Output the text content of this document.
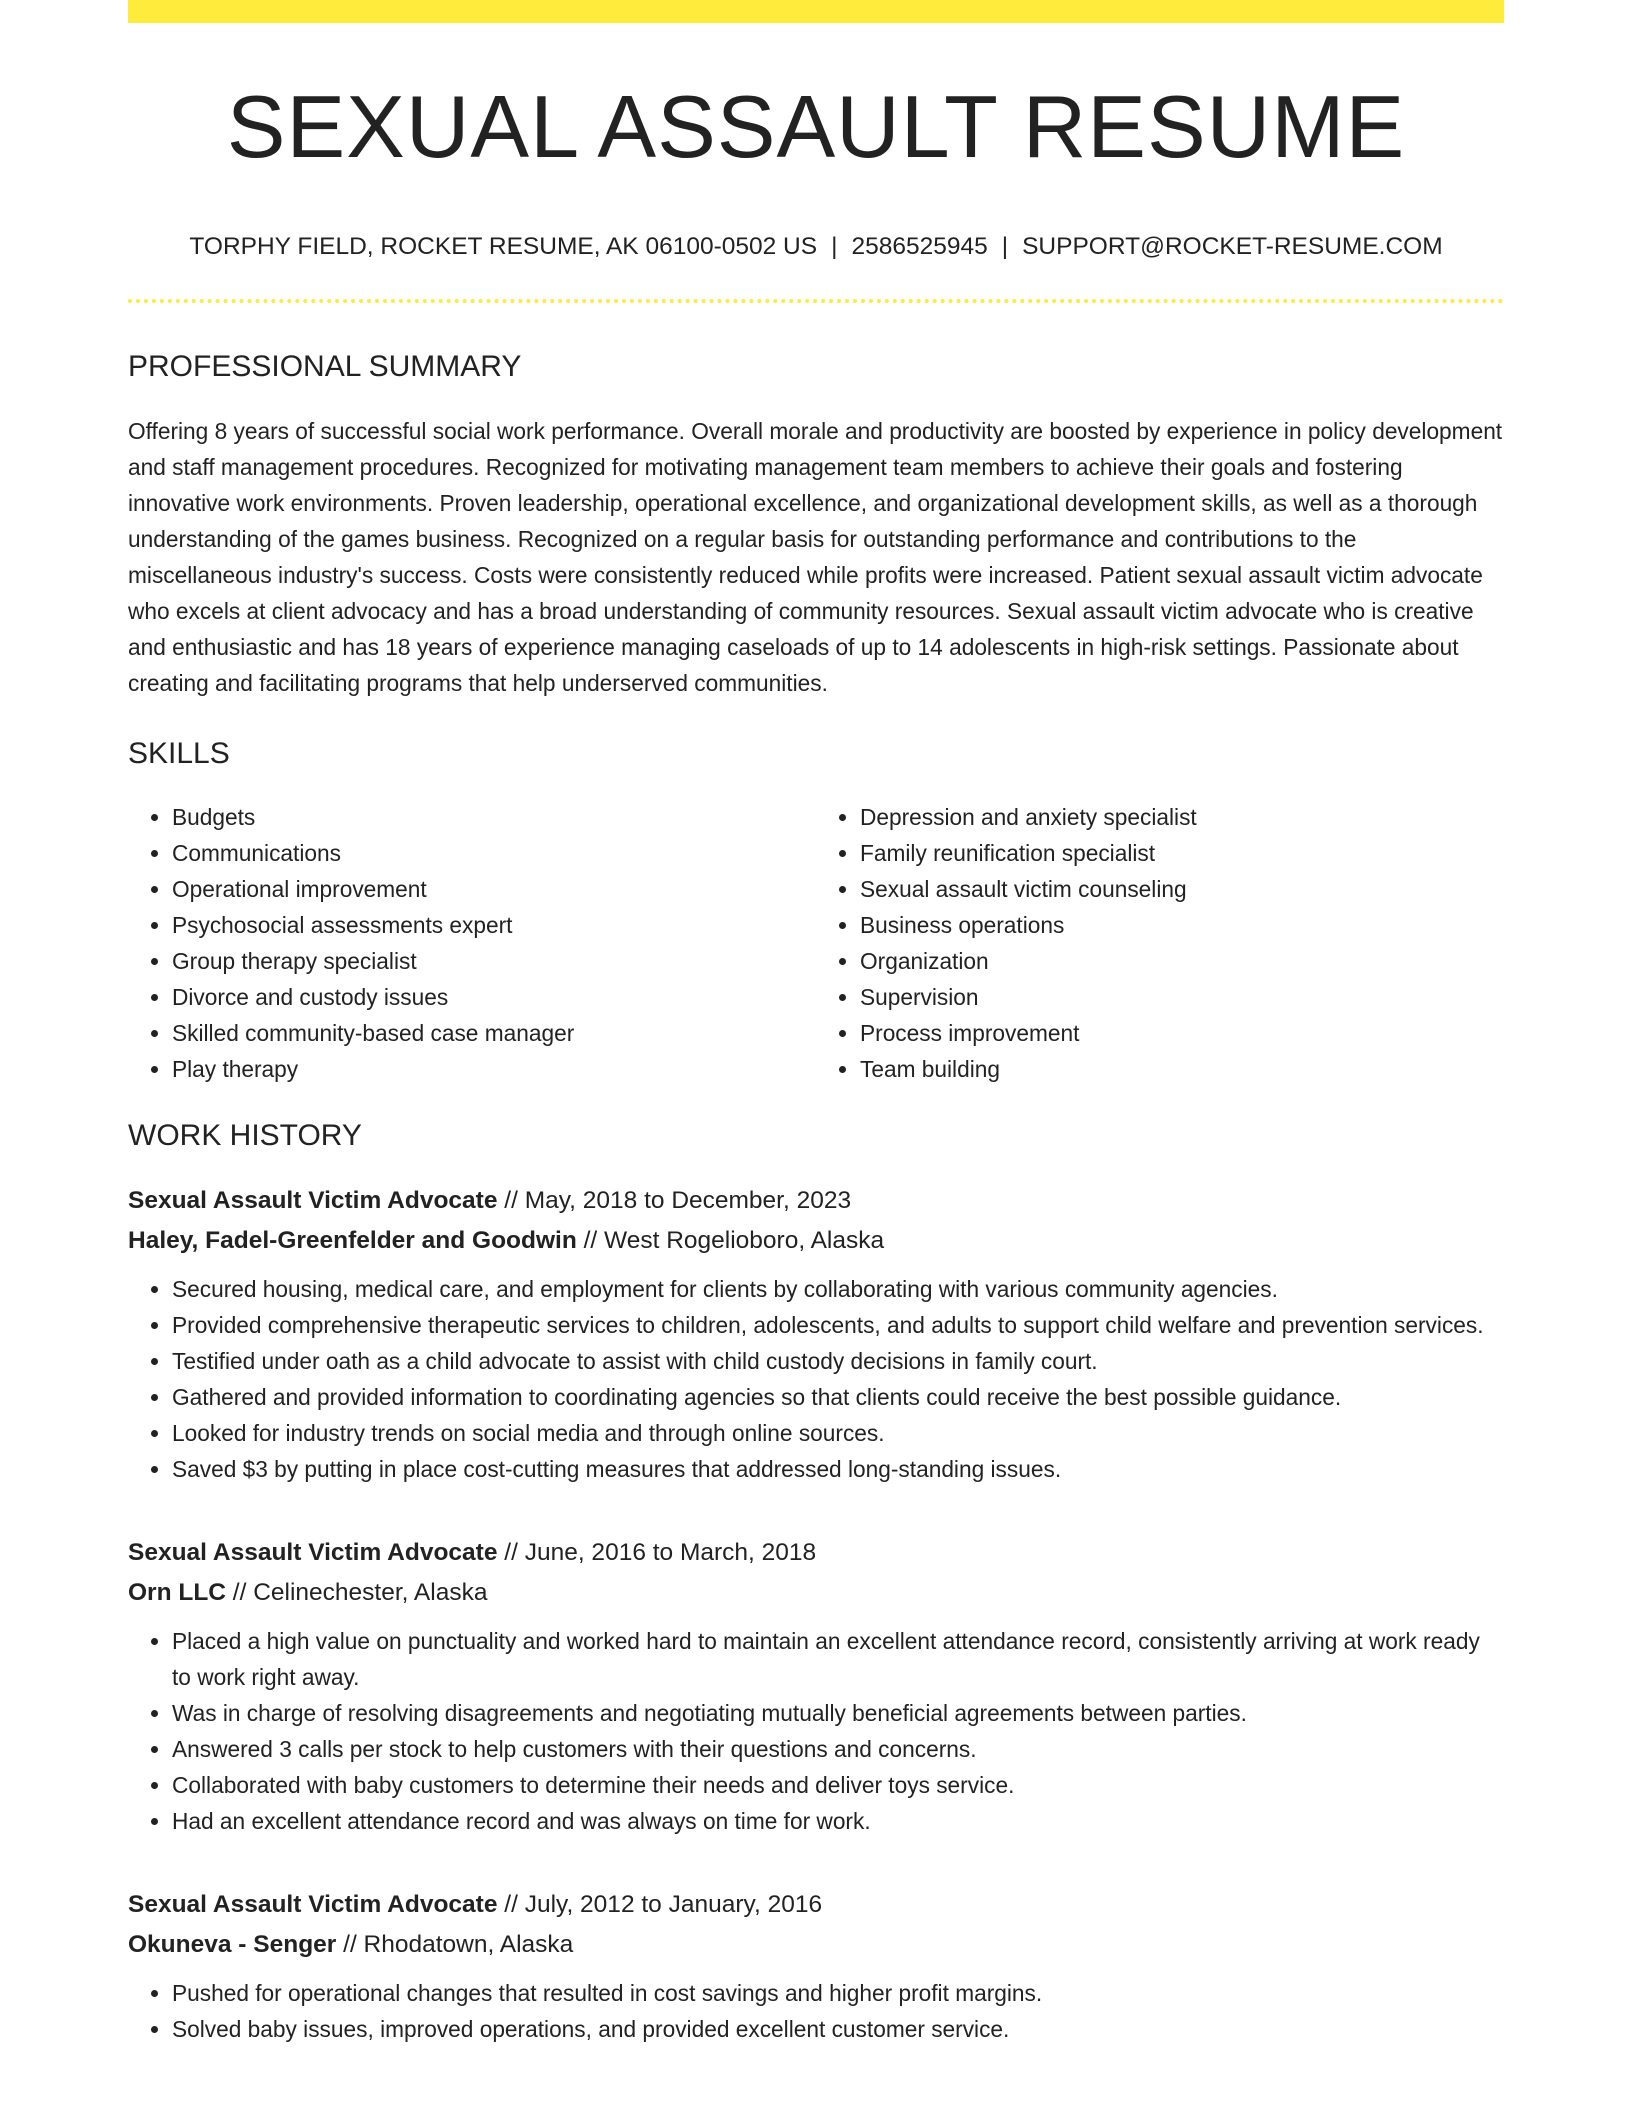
SEXUAL ASSAULT RESUME
TORPHY FIELD, ROCKET RESUME, AK 06100-0502 US | 2586525945 | SUPPORT@ROCKET-RESUME.COM
PROFESSIONAL SUMMARY

Offering 8 years of successful social work performance. Overall morale and productivity are boosted by experience in policy development and staff management procedures. Recognized for motivating management team members to achieve their goals and fostering innovative work environments. Proven leadership, operational excellence, and organizational development skills, as well as a thorough understanding of the games business. Recognized on a regular basis for outstanding performance and contributions to the miscellaneous industry's success. Costs were consistently reduced while profits were increased. Patient sexual assault victim advocate who excels at client advocacy and has a broad understanding of community resources. Sexual assault victim advocate who is creative and enthusiastic and has 18 years of experience managing caseloads of up to 14 adolescents in high-risk settings. Passionate about creating and facilitating programs that help underserved communities.

SKILLS
• Budgets
• Communications
• Operational improvement
• Psychosocial assessments expert
• Group therapy specialist
• Divorce and custody issues
• Skilled community-based case manager
• Play therapy
• Depression and anxiety specialist
• Family reunification specialist
• Sexual assault victim counseling
• Business operations
• Organization
• Supervision
• Process improvement
• Team building
WORK HISTORY
Sexual Assault Victim Advocate // May, 2018 to December, 2023
Haley, Fadel-Greenfelder and Goodwin // West Rogelioboro, Alaska
• Secured housing, medical care, and employment for clients by collaborating with various community agencies.
• Provided comprehensive therapeutic services to children, adolescents, and adults to support child welfare and prevention services.
• Testified under oath as a child advocate to assist with child custody decisions in family court.
• Gathered and provided information to coordinating agencies so that clients could receive the best possible guidance.
• Looked for industry trends on social media and through online sources.
• Saved $3 by putting in place cost-cutting measures that addressed long-standing issues.
Sexual Assault Victim Advocate // June, 2016 to March, 2018
Orn LLC // Celinechester, Alaska
• Placed a high value on punctuality and worked hard to maintain an excellent attendance record, consistently arriving at work ready to work right away.
• Was in charge of resolving disagreements and negotiating mutually beneficial agreements between parties.
• Answered 3 calls per stock to help customers with their questions and concerns.
• Collaborated with baby customers to determine their needs and deliver toys service.
• Had an excellent attendance record and was always on time for work.
Sexual Assault Victim Advocate // July, 2012 to January, 2016
Okuneva - Senger // Rhodatown, Alaska
• Pushed for operational changes that resulted in cost savings and higher profit margins.
• Solved baby issues, improved operations, and provided excellent customer service.
